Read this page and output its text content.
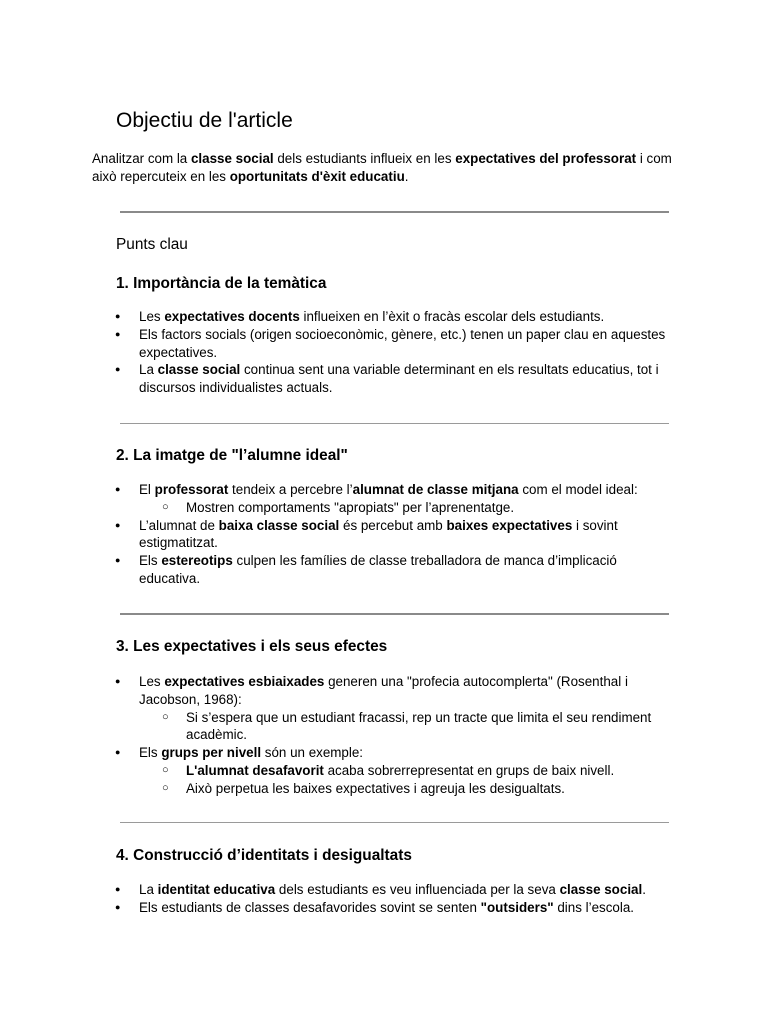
Objectiu de l'article

Analitzar com la classe social dels estudiants influeix en les expectatives del professorat i com això repercuteix en les oportunitats d'èxit educatiu.

Punts clau
1. Importància de la temàtica
● Les expectatives docents influeixen en l’èxit o fracàs escolar dels estudiants.
● Els factors socials (origen socioeconòmic, gènere, etc.) tenen un paper clau en aquestes expectatives.
● La classe social continua sent una variable determinant en els resultats educatius, tot i discursos individualistes actuals.
2. La imatge de "l’alumne ideal"
● El professorat tendeix a percebre l’alumnat de classe mitjana com el model ideal:
○ Mostren comportaments "apropiats" per l’aprenentatge.
● L’alumnat de baixa classe social és percebut amb baixes expectatives i sovint estigmatitzat.
● Els estereotips culpen les famílies de classe treballadora de manca d’implicació educativa.
3. Les expectatives i els seus efectes
● Les expectatives esbiaixades generen una "profecia autocomplerta" (Rosenthal i Jacobson, 1968):
○ Si s’espera que un estudiant fracassi, rep un tracte que limita el seu rendiment acadèmic.
● Els grups per nivell són un exemple:
○ L'alumnat desafavorit acaba sobrerrepresentat en grups de baix nivell.
○ Això perpetua les baixes expectatives i agreuja les desigualtats.
4. Construcció d’identitats i desigualtats
● La identitat educativa dels estudiants es veu influenciada per la seva classe social.
● Els estudiants de classes desafavorides sovint se senten "outsiders" dins l’escola.
